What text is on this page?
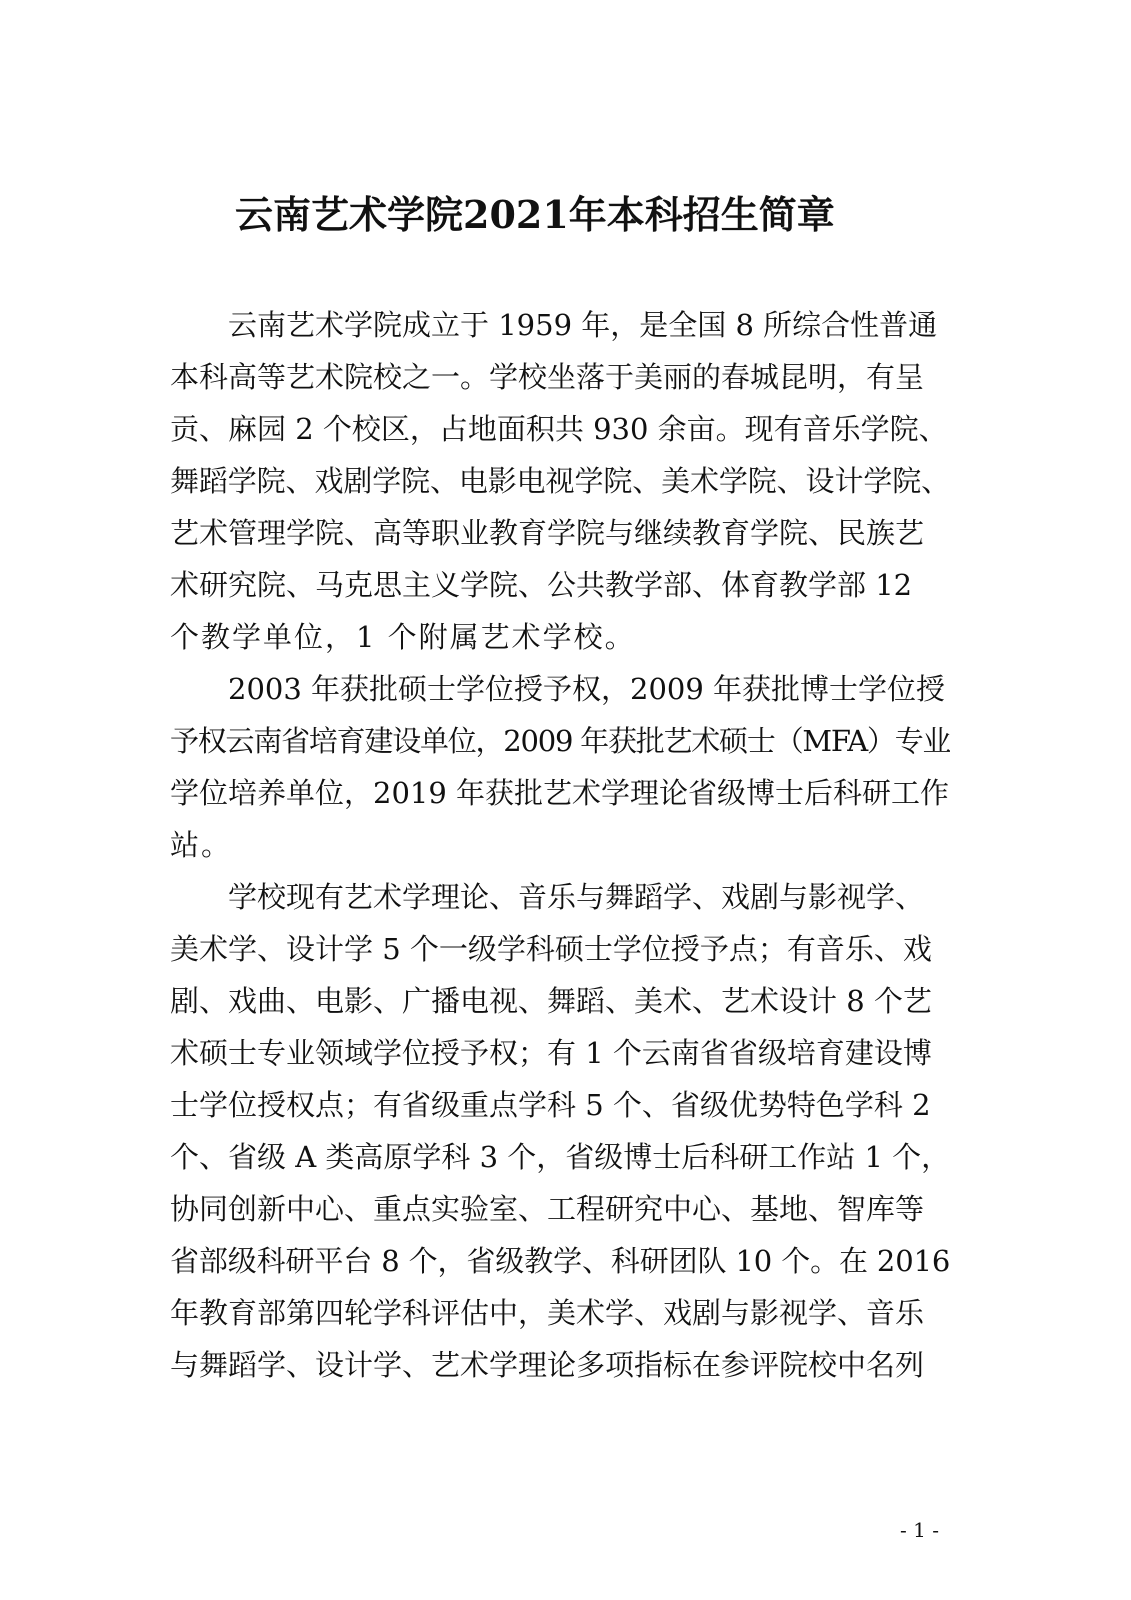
云南艺术学院2021年本科招生简章
云南艺术学院成立于 1959 年，是全国 8 所综合性普通
本科高等艺术院校之一。学校坐落于美丽的春城昆明，有呈
贡、麻园 2 个校区，占地面积共 930 余亩。现有音乐学院、
舞蹈学院、戏剧学院、电影电视学院、美术学院、设计学院、
艺术管理学院、高等职业教育学院与继续教育学院、民族艺
术研究院、马克思主义学院、公共教学部、体育教学部 12
个教学单位，1 个附属艺术学校。
2003 年获批硕士学位授予权，2009 年获批博士学位授
予权云南省培育建设单位，2009 年获批艺术硕士（MFA）专业
学位培养单位，2019 年获批艺术学理论省级博士后科研工作
站。
学校现有艺术学理论、音乐与舞蹈学、戏剧与影视学、
美术学、设计学 5 个一级学科硕士学位授予点；有音乐、戏
剧、戏曲、电影、广播电视、舞蹈、美术、艺术设计 8 个艺
术硕士专业领域学位授予权；有 1 个云南省省级培育建设博
士学位授权点；有省级重点学科 5 个、省级优势特色学科 2
个、省级 A 类高原学科 3 个，省级博士后科研工作站 1 个，
协同创新中心、重点实验室、工程研究中心、基地、智库等
省部级科研平台 8 个，省级教学、科研团队 10 个。在 2016
年教育部第四轮学科评估中，美术学、戏剧与影视学、音乐
与舞蹈学、设计学、艺术学理论多项指标在参评院校中名列
- 1 -
